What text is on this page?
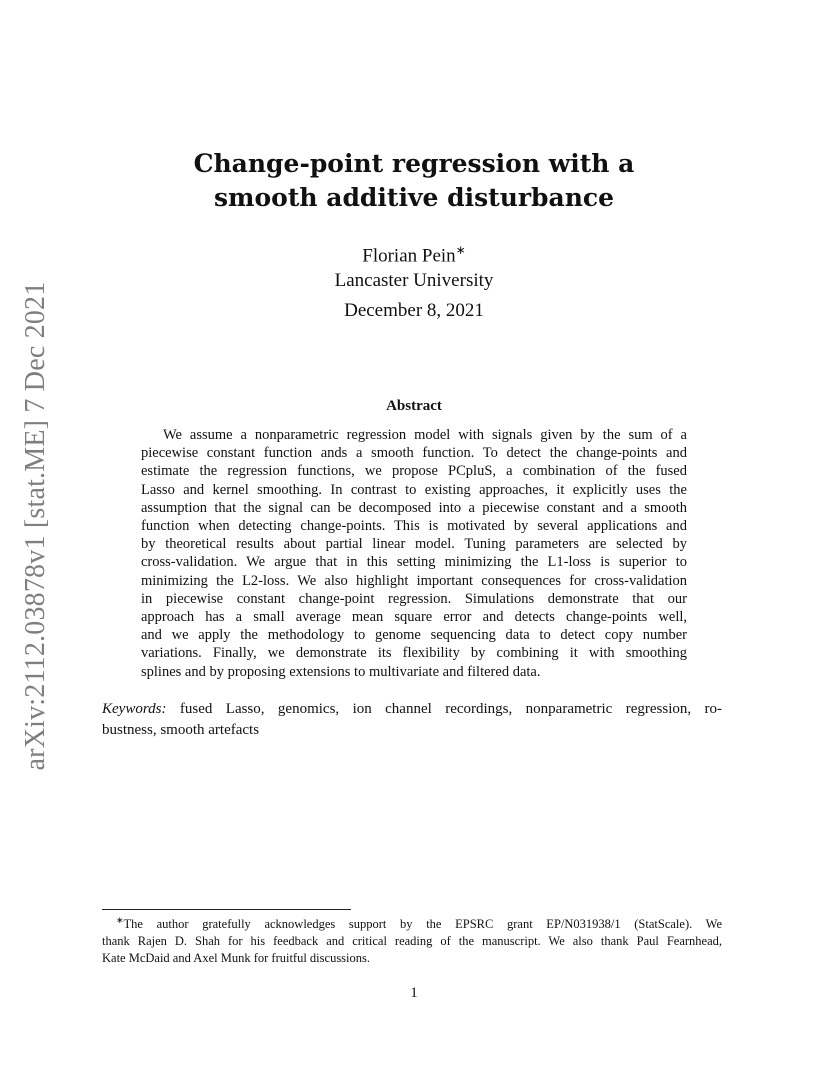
arXiv:2112.03878v1 [stat.ME] 7 Dec 2021
Change-point regression with a
smooth additive disturbance
Florian Pein∗
Lancaster University
December 8, 2021
Abstract
We assume a nonparametric regression model with signals given by the sum of a
piecewise constant function ands a smooth function. To detect the change-points and
estimate the regression functions, we propose PCpluS, a combination of the fused
Lasso and kernel smoothing. In contrast to existing approaches, it explicitly uses the
assumption that the signal can be decomposed into a piecewise constant and a smooth
function when detecting change-points. This is motivated by several applications and
by theoretical results about partial linear model. Tuning parameters are selected by
cross-validation. We argue that in this setting minimizing the L1-loss is superior to
minimizing the L2-loss. We also highlight important consequences for cross-validation
in piecewise constant change-point regression. Simulations demonstrate that our
approach has a small average mean square error and detects change-points well,
and we apply the methodology to genome sequencing data to detect copy number
variations. Finally, we demonstrate its flexibility by combining it with smoothing
splines and by proposing extensions to multivariate and filtered data.
Keywords: fused Lasso, genomics, ion channel recordings, nonparametric regression, ro-
bustness, smooth artefacts
∗The author gratefully acknowledges support by the EPSRC grant EP/N031938/1 (StatScale). We
thank Rajen D. Shah for his feedback and critical reading of the manuscript. We also thank Paul Fearnhead,
Kate McDaid and Axel Munk for fruitful discussions.
1
